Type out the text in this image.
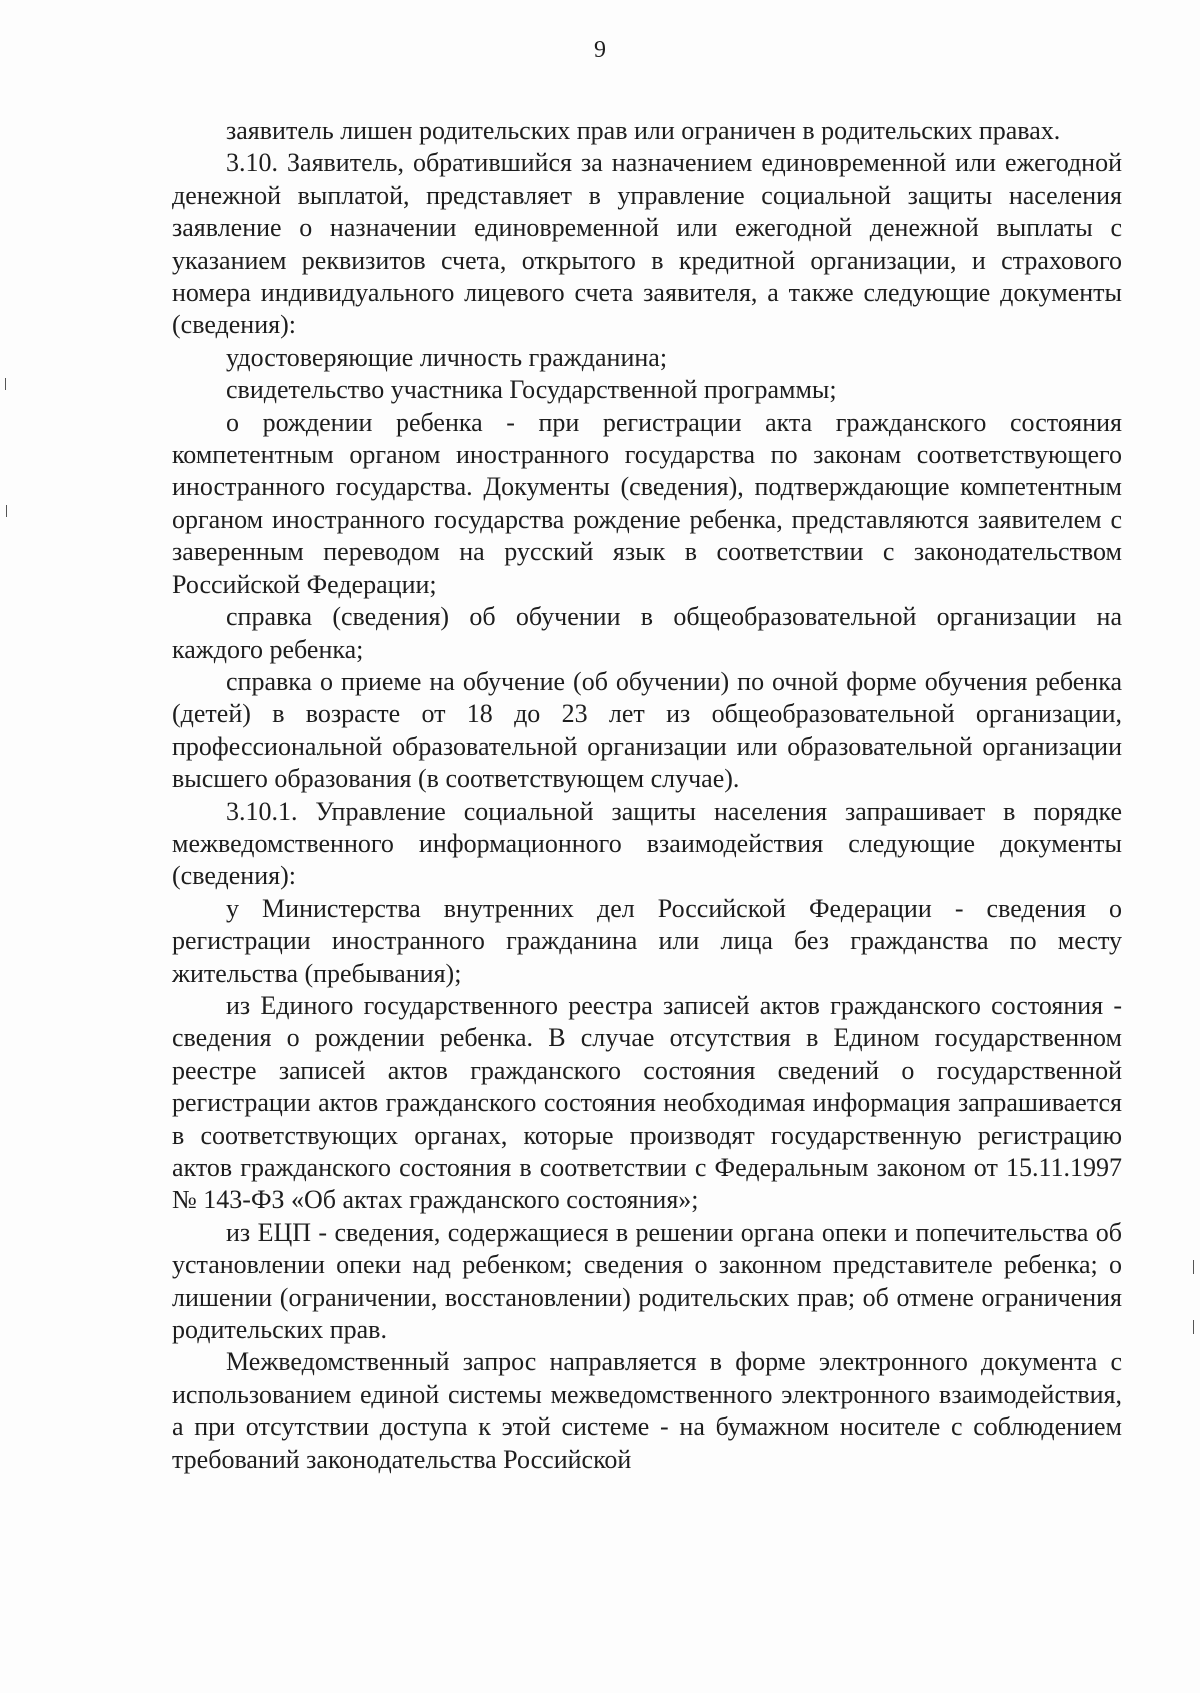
9

заявитель лишен родительских прав или ограничен в родительских правах.

3.10. Заявитель, обратившийся за назначением единовременной или ежегодной денежной выплатой, представляет в управление социальной защиты населения заявление о назначении единовременной или ежегодной денежной выплаты с указанием реквизитов счета, открытого в кредитной организации, и страхового номера индивидуального лицевого счета заявителя, а также следующие документы (сведения):

удостоверяющие личность гражданина;

свидетельство участника Государственной программы;

о рождении ребенка - при регистрации акта гражданского состояния компетентным органом иностранного государства по законам соответствующего иностранного государства. Документы (сведения), подтверждающие компетентным органом иностранного государства рождение ребенка, представляются заявителем с заверенным переводом на русский язык в соответствии с законодательством Российской Федерации;

справка (сведения) об обучении в общеобразовательной организации на каждого ребенка;

справка о приеме на обучение (об обучении) по очной форме обучения ребенка (детей) в возрасте от 18 до 23 лет из общеобразовательной организации, профессиональной образовательной организации или образовательной организации высшего образования (в соответствующем случае).

3.10.1. Управление социальной защиты населения запрашивает в порядке межведомственного информационного взаимодействия следующие документы (сведения):

у Министерства внутренних дел Российской Федерации - сведения о регистрации иностранного гражданина или лица без гражданства по месту жительства (пребывания);

из Единого государственного реестра записей актов гражданского состояния - сведения о рождении ребенка. В случае отсутствия в Едином государственном реестре записей актов гражданского состояния сведений о государственной регистрации актов гражданского состояния необходимая информация запрашивается в соответствующих органах, которые производят государственную регистрацию актов гражданского состояния в соответствии с Федеральным законом от 15.11.1997 № 143-ФЗ «Об актах гражданского состояния»;

из ЕЦП - сведения, содержащиеся в решении органа опеки и попечительства об установлении опеки над ребенком; сведения о законном представителе ребенка; о лишении (ограничении, восстановлении) родительских прав; об отмене ограничения родительских прав.

Межведомственный запрос направляется в форме электронного документа с использованием единой системы межведомственного электронного взаимодействия, а при отсутствии доступа к этой системе - на бумажном носителе с соблюдением требований законодательства Российской
